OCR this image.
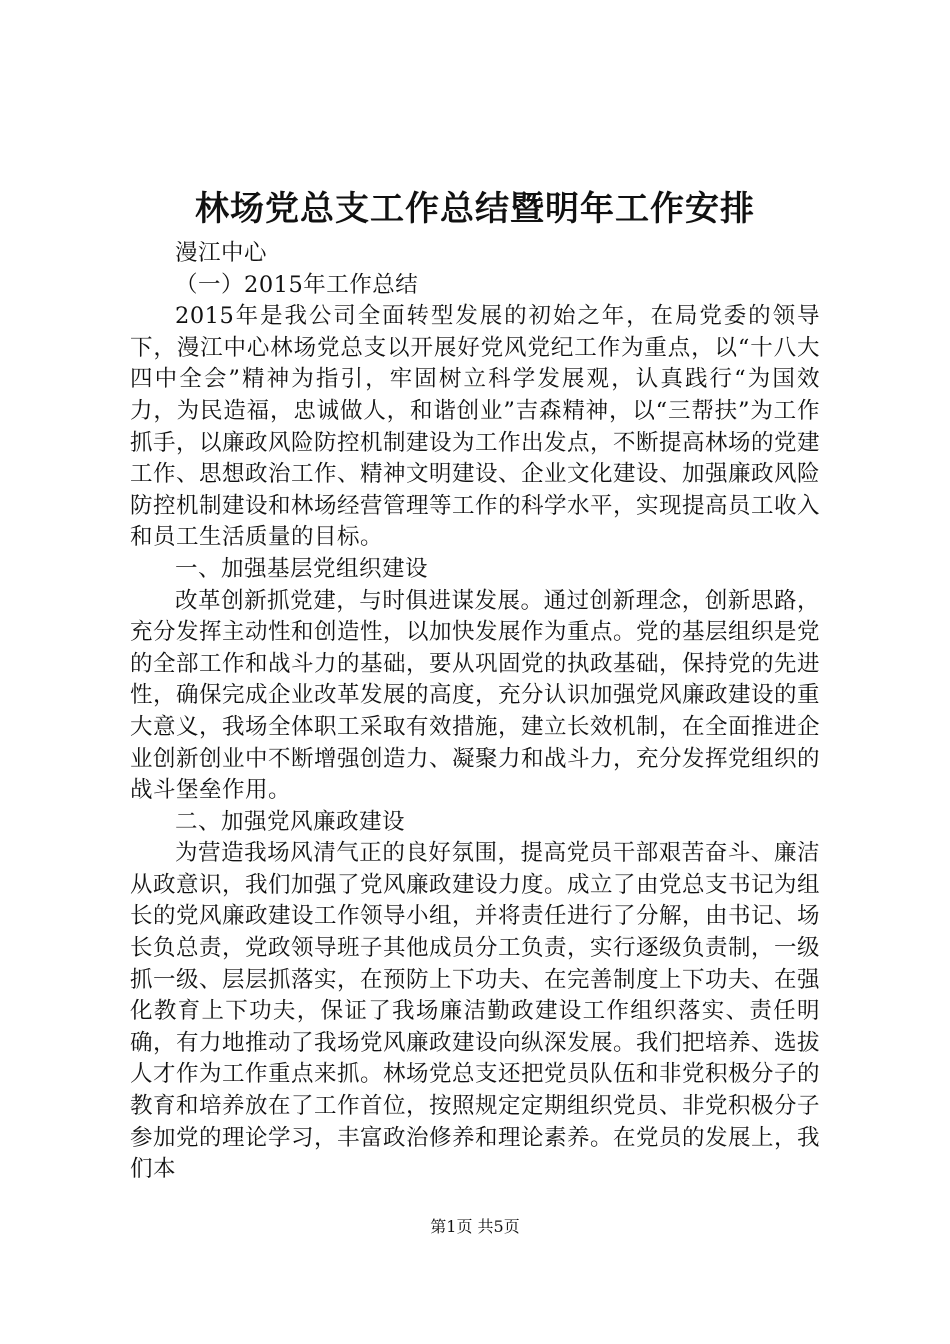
林场党总支工作总结暨明年工作安排

漫江中心

（一）2015年工作总结

2015年是我公司全面转型发展的初始之年，在局党委的领导下，漫江中心林场党总支以开展好党风党纪工作为重点，以“十八大四中全会”精神为指引，牢固树立科学发展观，认真践行“为国效力，为民造福，忠诚做人，和谐创业”吉森精神，以“三帮扶”为工作抓手，以廉政风险防控机制建设为工作出发点，不断提高林场的党建工作、思想政治工作、精神文明建设、企业文化建设、加强廉政风险防控机制建设和林场经营管理等工作的科学水平，实现提高员工收入和员工生活质量的目标。

一、加强基层党组织建设

改革创新抓党建，与时俱进谋发展。通过创新理念，创新思路，充分发挥主动性和创造性，以加快发展作为重点。党的基层组织是党的全部工作和战斗力的基础，要从巩固党的执政基础，保持党的先进性，确保完成企业改革发展的高度，充分认识加强党风廉政建设的重大意义，我场全体职工采取有效措施，建立长效机制，在全面推进企业创新创业中不断增强创造力、凝聚力和战斗力，充分发挥党组织的战斗堡垒作用。

二、加强党风廉政建设

为营造我场风清气正的良好氛围，提高党员干部艰苦奋斗、廉洁从政意识，我们加强了党风廉政建设力度。成立了由党总支书记为组长的党风廉政建设工作领导小组，并将责任进行了分解，由书记、场长负总责，党政领导班子其他成员分工负责，实行逐级负责制，一级抓一级、层层抓落实，在预防上下功夫、在完善制度上下功夫、在强化教育上下功夫，保证了我场廉洁勤政建设工作组织落实、责任明确，有力地推动了我场党风廉政建设向纵深发展。我们把培养、选拔人才作为工作重点来抓。林场党总支还把党员队伍和非党积极分子的教育和培养放在了工作首位，按照规定定期组织党员、非党积极分子参加党的理论学习，丰富政治修养和理论素养。在党员的发展上，我们本

第1页 共5页
